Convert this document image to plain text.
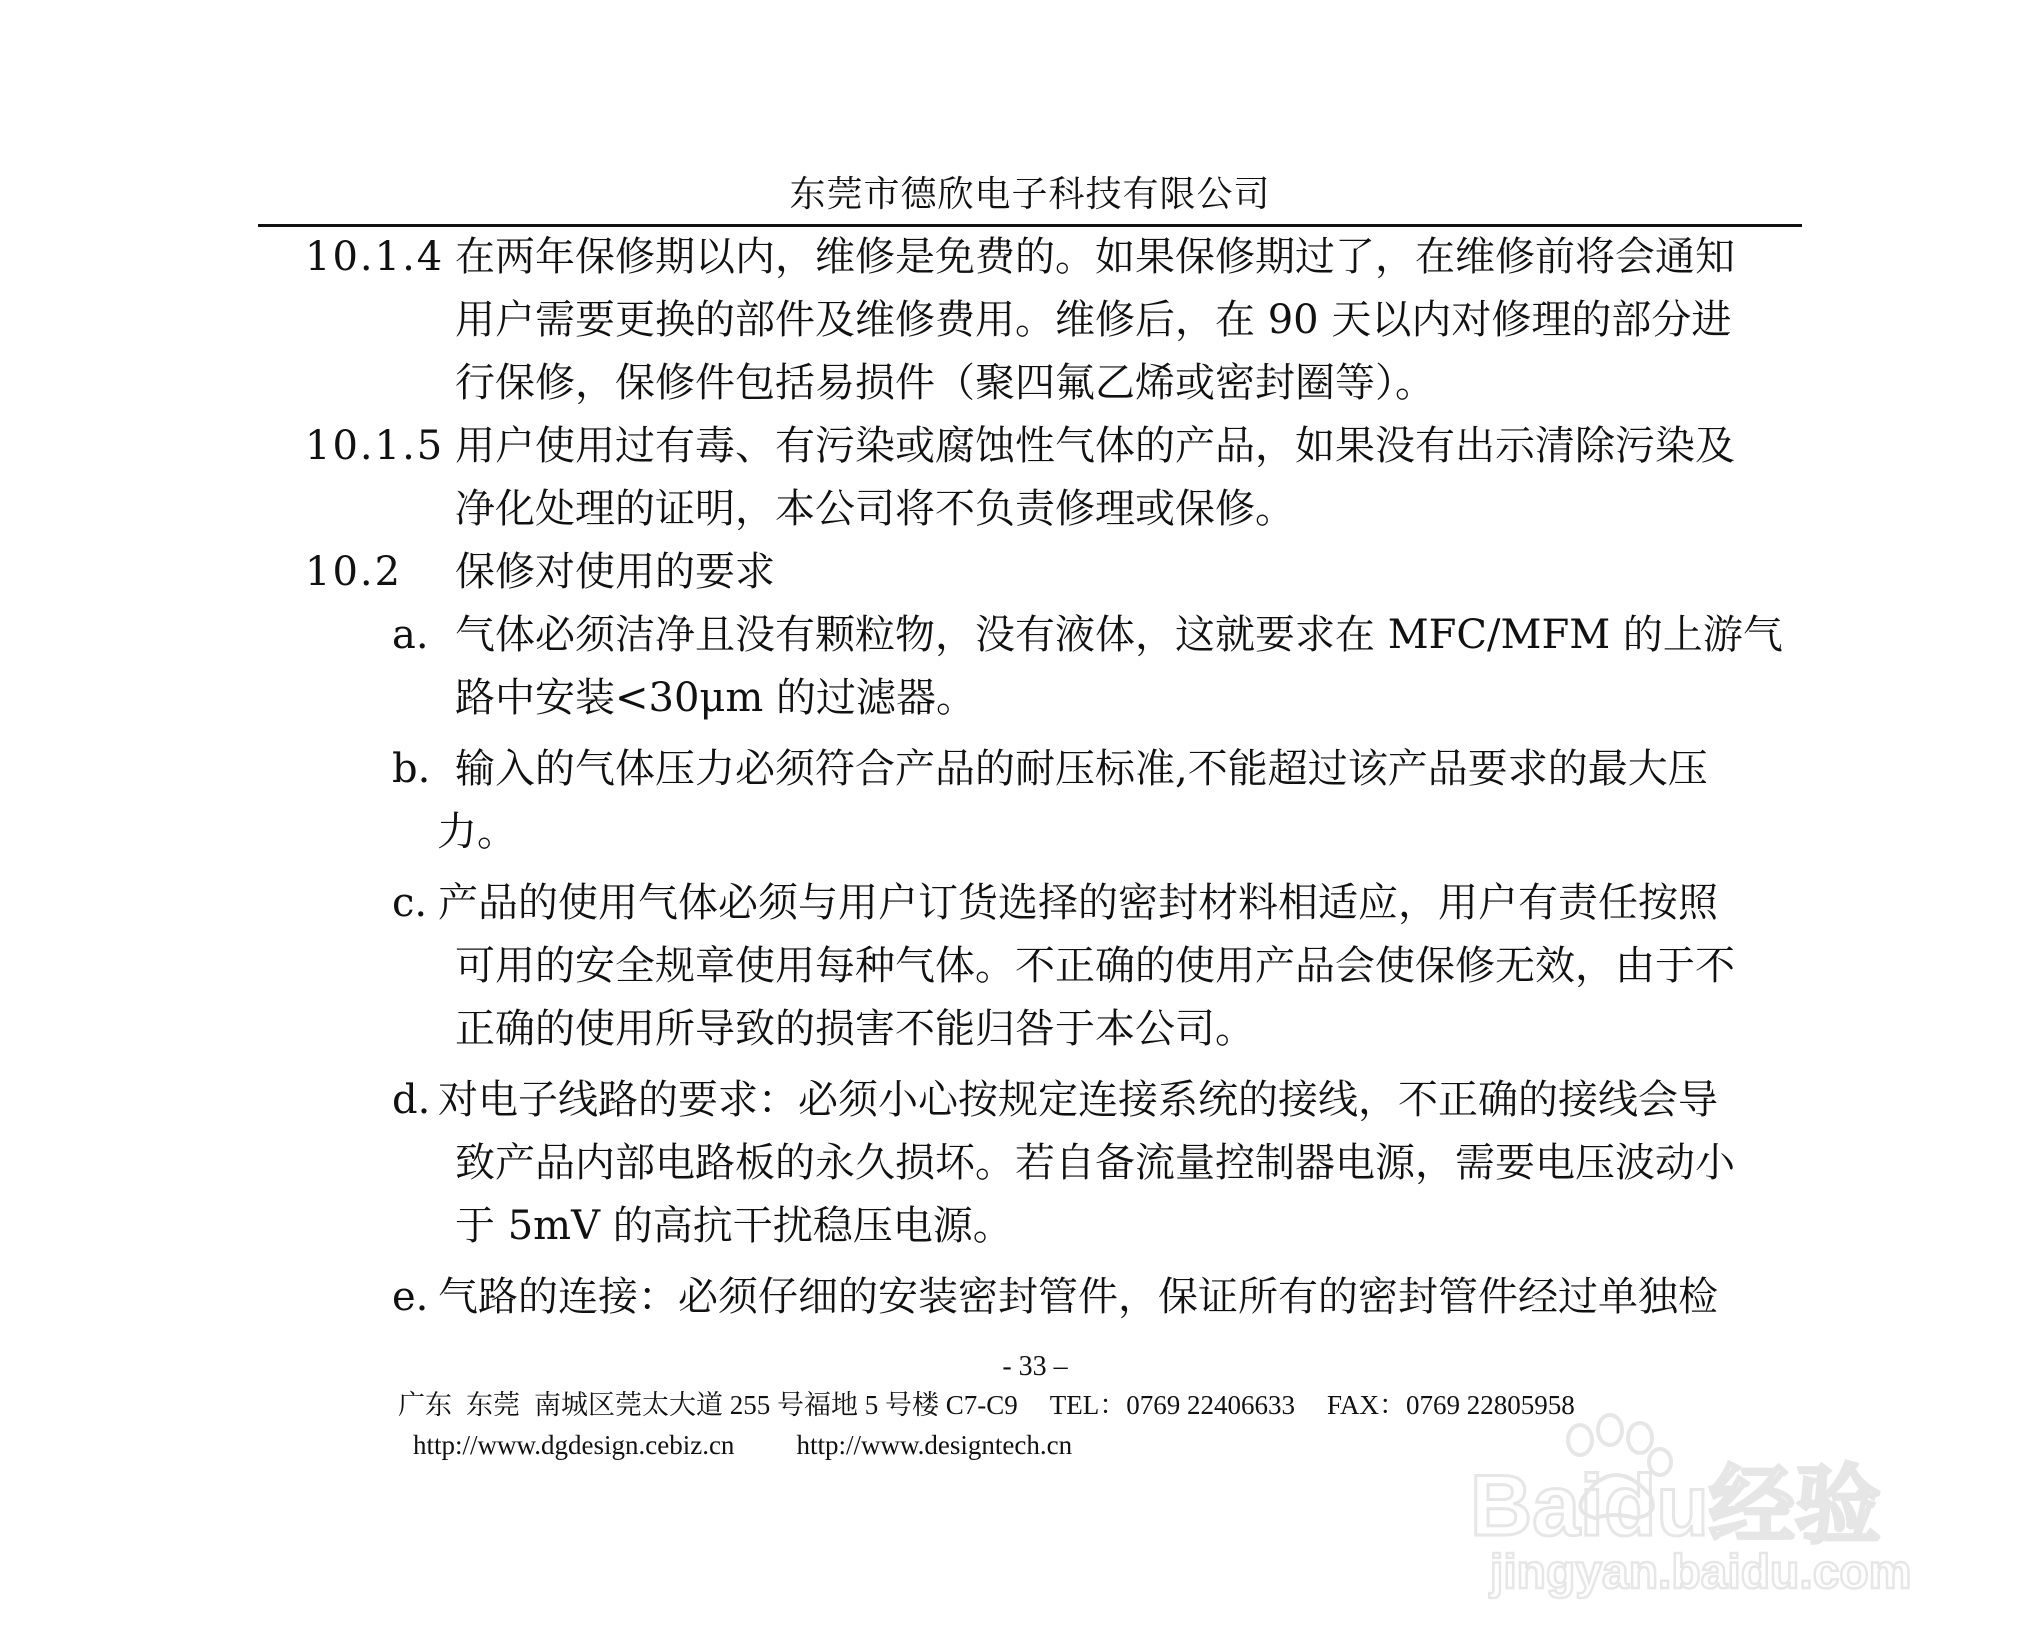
东莞市德欣电子科技有限公司
10.1.4 在两年保修期以内，维修是免费的。如果保修期过了，在维修前将会通知
用户需要更换的部件及维修费用。维修后，在 90 天以内对修理的部分进
行保修，保修件包括易损件（聚四氟乙烯或密封圈等）。
10.1.5 用户使用过有毒、有污染或腐蚀性气体的产品，如果没有出示清除污染及
净化处理的证明，本公司将不负责修理或保修。
10.2 保修对使用的要求
a. 气体必须洁净且没有颗粒物，没有液体，这就要求在 MFC/MFM 的上游气
路中安装<30μm 的过滤器。
b. 输入的气体压力必须符合产品的耐压标准,不能超过该产品要求的最大压
力。
c. 产品的使用气体必须与用户订货选择的密封材料相适应，用户有责任按照
可用的安全规章使用每种气体。不正确的使用产品会使保修无效，由于不
正确的使用所导致的损害不能归咎于本公司。
d. 对电子线路的要求：必须小心按规定连接系统的接线，不正确的接线会导
致产品内部电路板的永久损坏。若自备流量控制器电源，需要电压波动小
于 5mV 的高抗干扰稳压电源。
e. 气路的连接：必须仔细的安装密封管件，保证所有的密封管件经过单独检
- 33 –
广东 东莞 南城区莞太大道 255 号福地 5 号楼 C7-C9 TEL：0769 22406633 FAX：0769 22805958
http://www.dgdesign.cebiz.cn http://www.designtech.cn
Baidu经验
jingyan.baidu.com
